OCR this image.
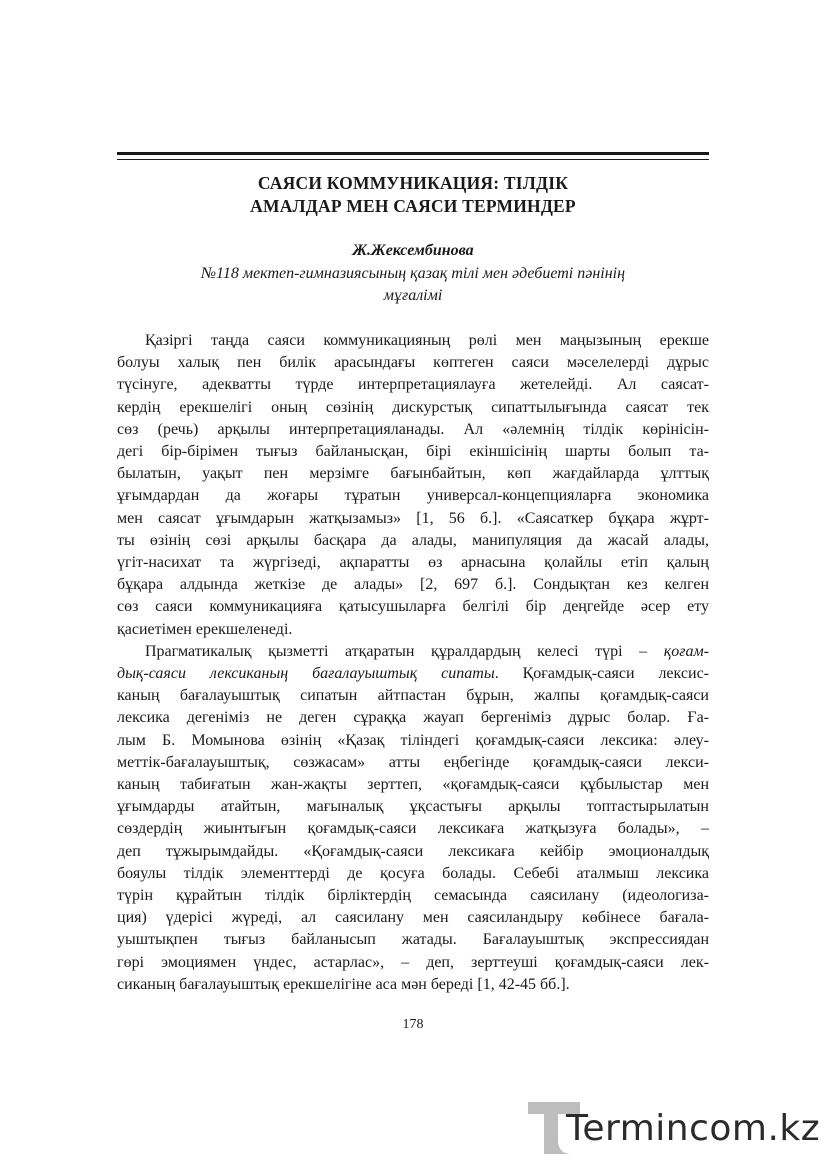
САЯСИ КОММУНИКАЦИЯ: ТІЛДІК
АМАЛДАР МЕН САЯСИ ТЕРМИНДЕР
Ж.Жексембинова
№118 мектеп-гимназиясының қазақ тілі мен әдебиеті пәнінің
мұғалімі
Қазіргі таңда саяси коммуникацияның рөлі мен маңызының ерекше
болуы халық пен билік арасындағы көптеген саяси мәселелерді дұрыс
түсінуге, адекватты түрде интерпретациялауға жетелейді. Ал саясат-
кердің ерекшелігі оның сөзінің дискурстық сипаттылығында саясат тек
сөз (речь) арқылы интерпретацияланады. Ал «әлемнің тілдік көрінісін-
дегі бір-бірімен тығыз байланысқан, бірі екіншісінің шарты болып та-
былатын, уақыт пен мерзімге бағынбайтын, көп жағдайларда ұлттық
ұғымдардан да жоғары тұратын универсал-концепцияларға экономика
мен саясат ұғымдарын жатқызамыз» [1, 56 б.]. «Саясаткер бұқара жұрт-
ты өзінің сөзі арқылы басқара да алады, манипуляция да жасай алады,
үгіт-насихат та жүргізеді, ақпаратты өз арнасына қолайлы етіп қалың
бұқара алдында жеткізе де алады» [2, 697 б.]. Сондықтан кез келген
сөз саяси коммуникацияға қатысушыларға белгілі бір деңгейде әсер ету
қасиетімен ерекшеленеді.
Прагматикалық қызметті атқаратын құралдардың келесі түрі – қоғам-
дық-саяси лексиканың бағалауыштық сипаты. Қоғамдық-саяси лексис-
каның бағалауыштық сипатын айтпастан бұрын, жалпы қоғамдық-саяси
лексика дегеніміз не деген сұраққа жауап бергеніміз дұрыс болар. Ға-
лым Б. Момынова өзінің «Қазақ тіліндегі қоғамдық-саяси лексика: әлеу-
меттік-бағалауыштық, сөзжасам» атты еңбегінде қоғамдық-саяси лекси-
каның табиғатын жан-жақты зерттеп, «қоғамдық-саяси құбылыстар мен
ұғымдарды атайтын, мағыналық ұқсастығы арқылы топтастырылатын
сөздердің жиынтығын қоғамдық-саяси лексикаға жатқызуға болады», –
деп тұжырымдайды. «Қоғамдық-саяси лексикаға кейбір эмоционалдық
бояулы тілдік элементтерді де қосуға болады. Себебі аталмыш лексика
түрін құрайтын тілдік бірліктердің семасында саясилану (идеологиза-
ция) үдерісі жүреді, ал саясилану мен саясиландыру көбінесе бағала-
уыштықпен тығыз байланысып жатады. Бағалауыштық экспрессиядан
гөрі эмоциямен үндес, астарлас», – деп, зерттеуші қоғамдық-саяси лек-
сиканың бағалауыштық ерекшелігіне аса мән береді [1, 42-45 бб.].
178
Termincom.kz
